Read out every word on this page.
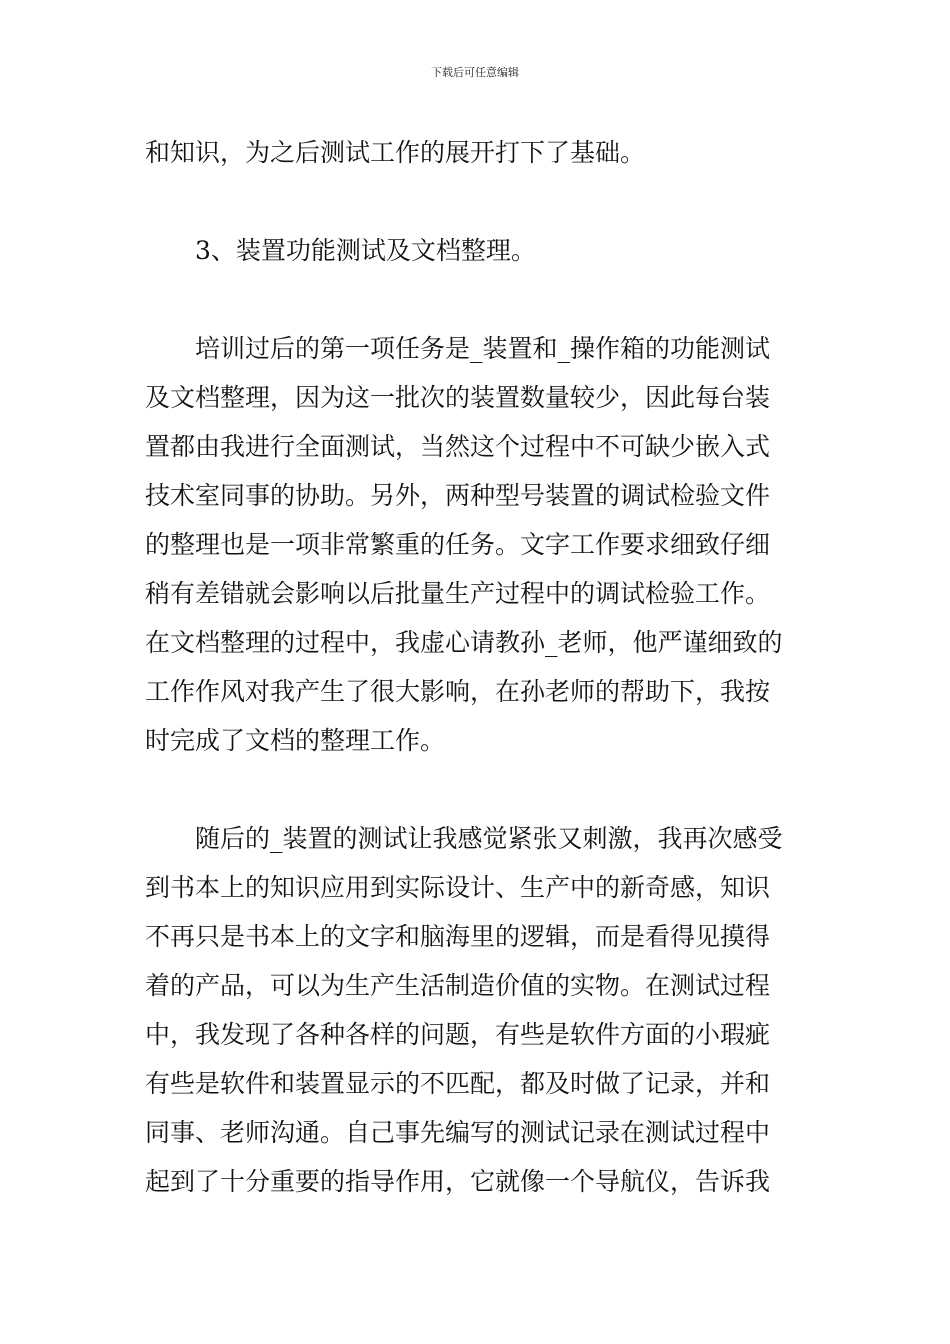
下载后可任意编辑
和知识，为之后测试工作的展开打下了基础。
3、装置功能测试及文档整理。
培训过后的第一项任务是_装置和_操作箱的功能测试
及文档整理，因为这一批次的装置数量较少，因此每台装
置都由我进行全面测试，当然这个过程中不可缺少嵌入式
技术室同事的协助。另外，两种型号装置的调试检验文件
的整理也是一项非常繁重的任务。文字工作要求细致仔细
稍有差错就会影响以后批量生产过程中的调试检验工作。
在文档整理的过程中，我虚心请教孙_老师，他严谨细致的
工作作风对我产生了很大影响，在孙老师的帮助下，我按
时完成了文档的整理工作。
随后的_装置的测试让我感觉紧张又刺激，我再次感受
到书本上的知识应用到实际设计、生产中的新奇感，知识
不再只是书本上的文字和脑海里的逻辑，而是看得见摸得
着的产品，可以为生产生活制造价值的实物。在测试过程
中，我发现了各种各样的问题，有些是软件方面的小瑕疵
有些是软件和装置显示的不匹配，都及时做了记录，并和
同事、老师沟通。自己事先编写的测试记录在测试过程中
起到了十分重要的指导作用，它就像一个导航仪，告诉我
